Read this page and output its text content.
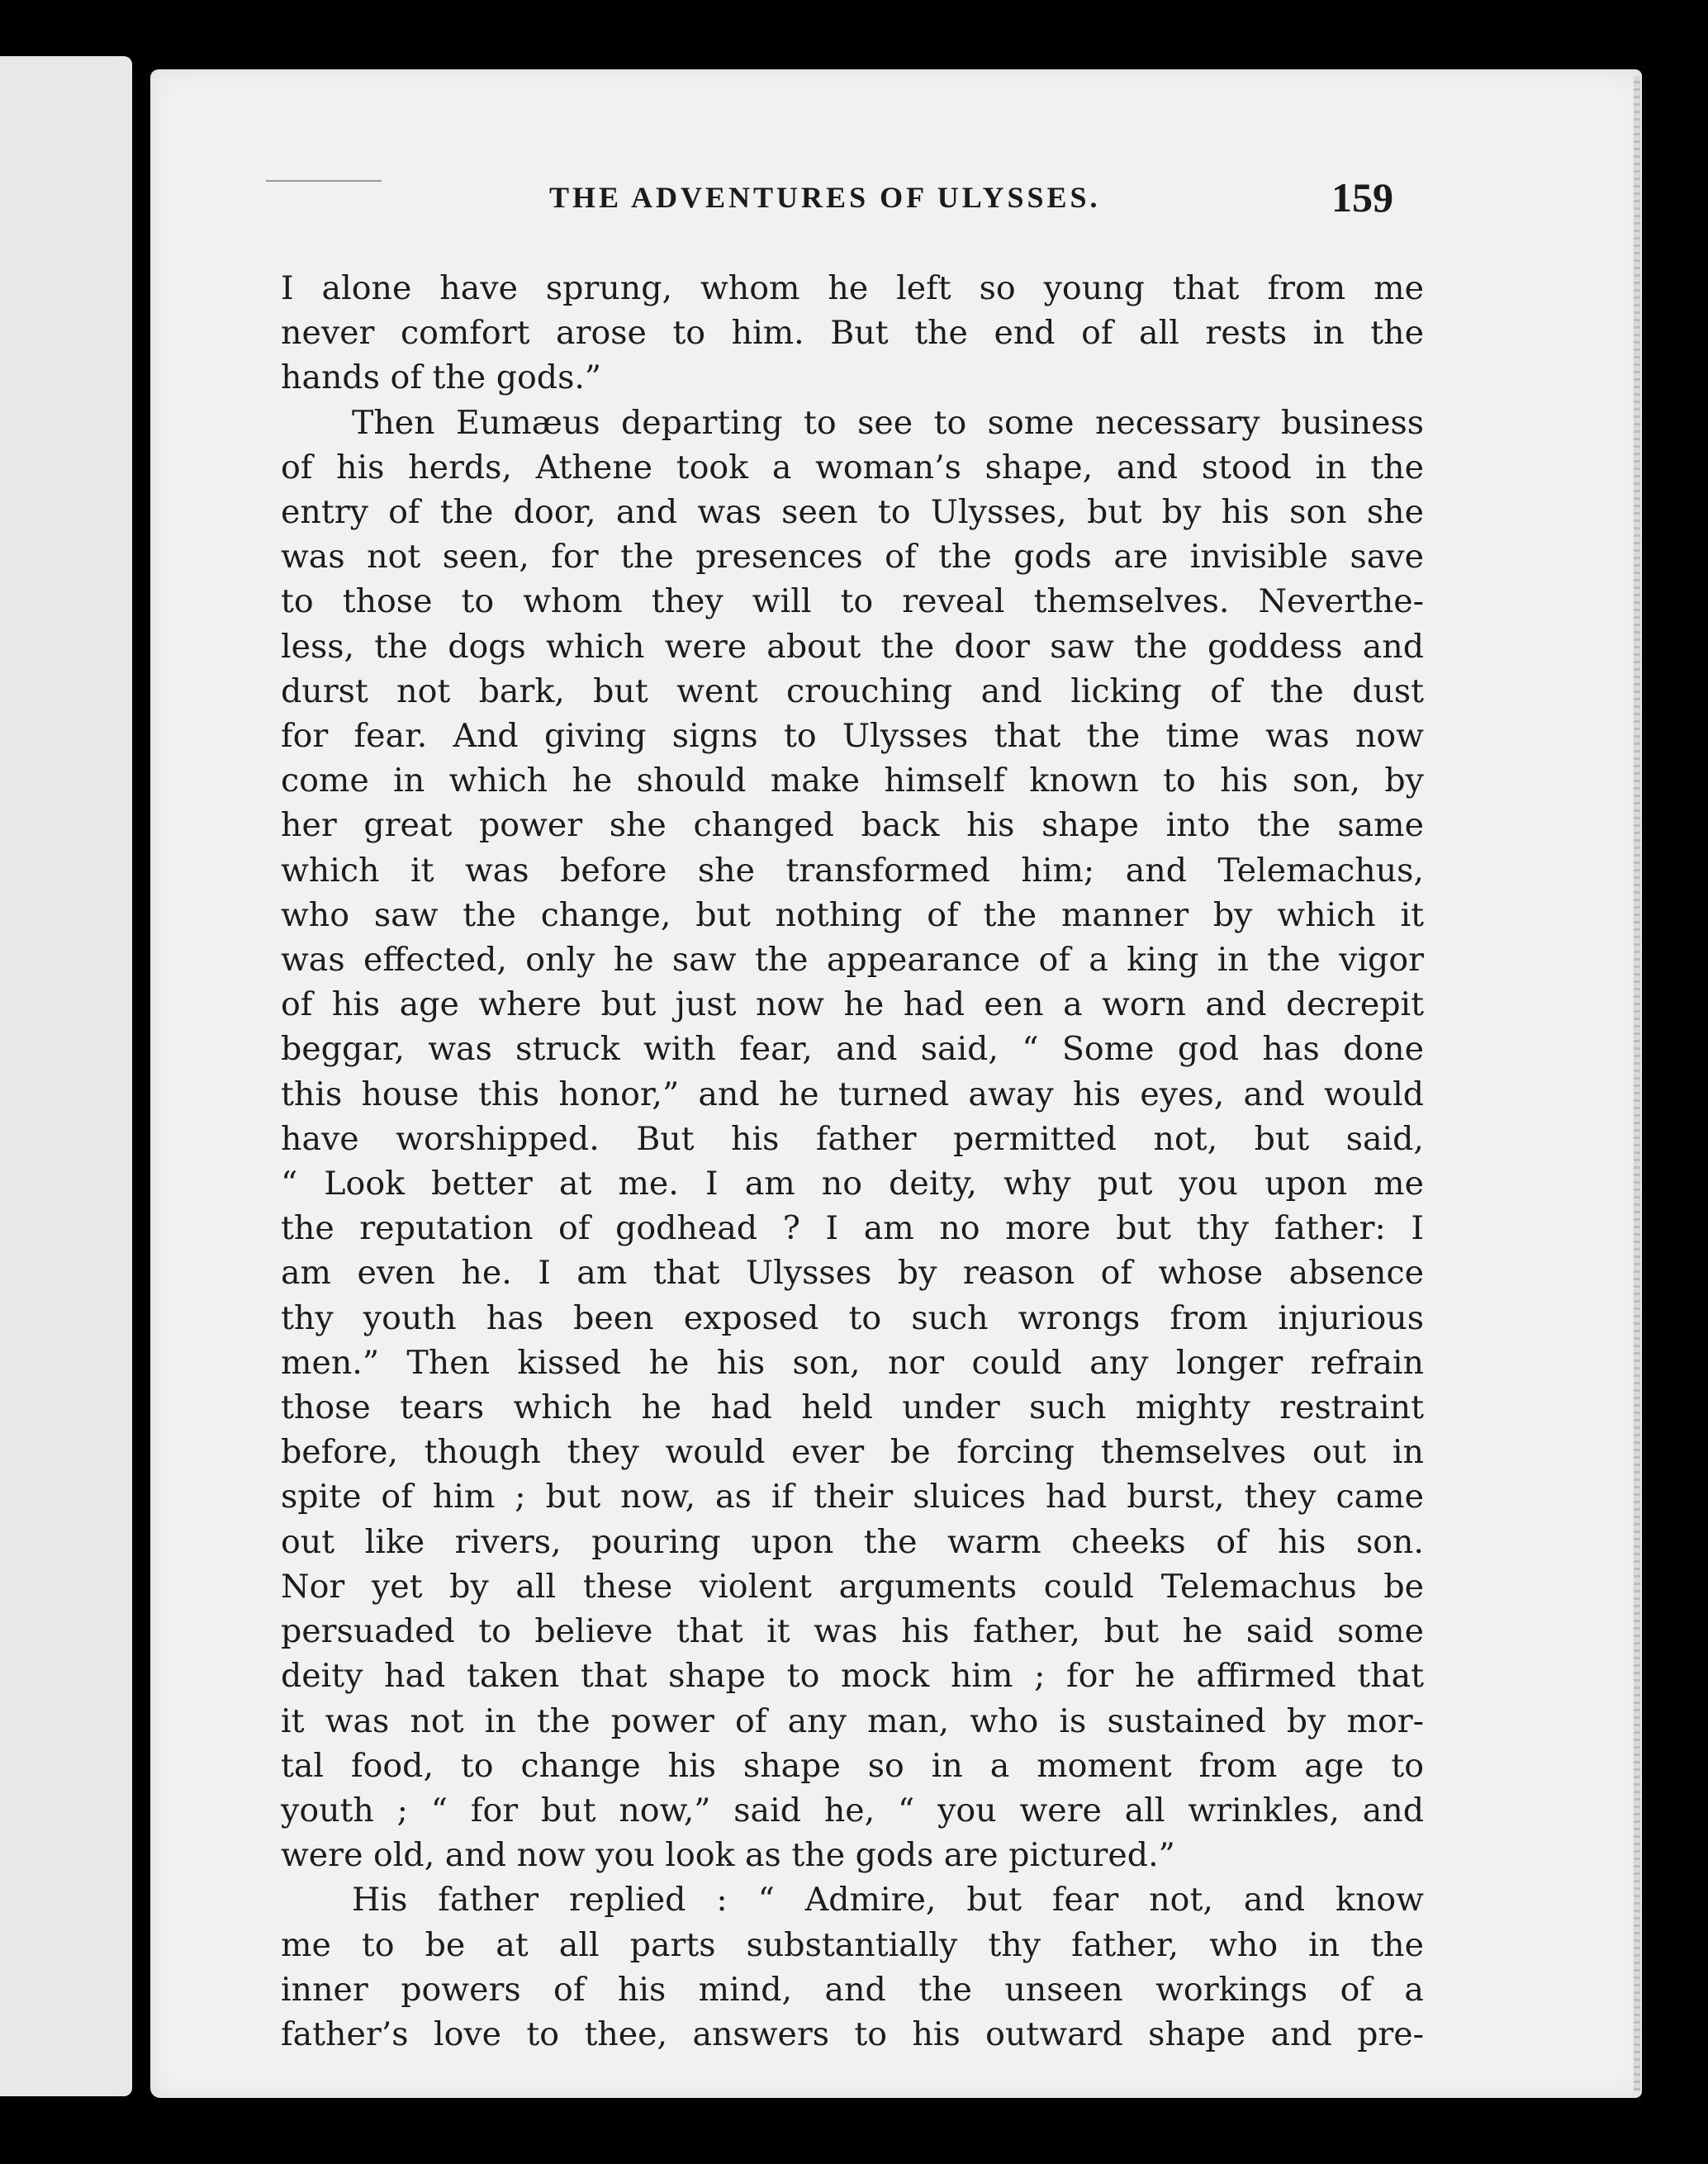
THE ADVENTURES OF ULYSSES.	159
I alone have sprung, whom he left so young that from me
never comfort arose to him. But the end of all rests in the
hands of the gods.”
Then Eumæus departing to see to some necessary business
of his herds, Athene took a woman’s shape, and stood in the
entry of the door, and was seen to Ulysses, but by his son she
was not seen, for the presences of the gods are invisible save
to those to whom they will to reveal themselves. Neverthe-
less, the dogs which were about the door saw the goddess and
durst not bark, but went crouching and licking of the dust
for fear. And giving signs to Ulysses that the time was now
come in which he should make himself known to his son, by
her great power she changed back his shape into the same
which it was before she transformed him; and Telemachus,
who saw the change, but nothing of the manner by which it
was effected, only he saw the appearance of a king in the vigor
of his age where but just now he had een a worn and decrepit
beggar, was struck with fear, and said, “ Some god has done
this house this honor,” and he turned away his eyes, and would
have worshipped. But his father permitted not, but said,
“ Look better at me. I am no deity, why put you upon me
the reputation of godhead ? I am no more but thy father: I
am even he. I am that Ulysses by reason of whose absence
thy youth has been exposed to such wrongs from injurious
men.” Then kissed he his son, nor could any longer refrain
those tears which he had held under such mighty restraint
before, though they would ever be forcing themselves out in
spite of him ; but now, as if their sluices had burst, they came
out like rivers, pouring upon the warm cheeks of his son.
Nor yet by all these violent arguments could Telemachus be
persuaded to believe that it was his father, but he said some
deity had taken that shape to mock him ; for he affirmed that
it was not in the power of any man, who is sustained by mor-
tal food, to change his shape so in a moment from age to
youth ; “ for but now,” said he, “ you were all wrinkles, and
were old, and now you look as the gods are pictured.”
His father replied : “ Admire, but fear not, and know
me to be at all parts substantially thy father, who in the
inner powers of his mind, and the unseen workings of a
father’s love to thee, answers to his outward shape and pre-
